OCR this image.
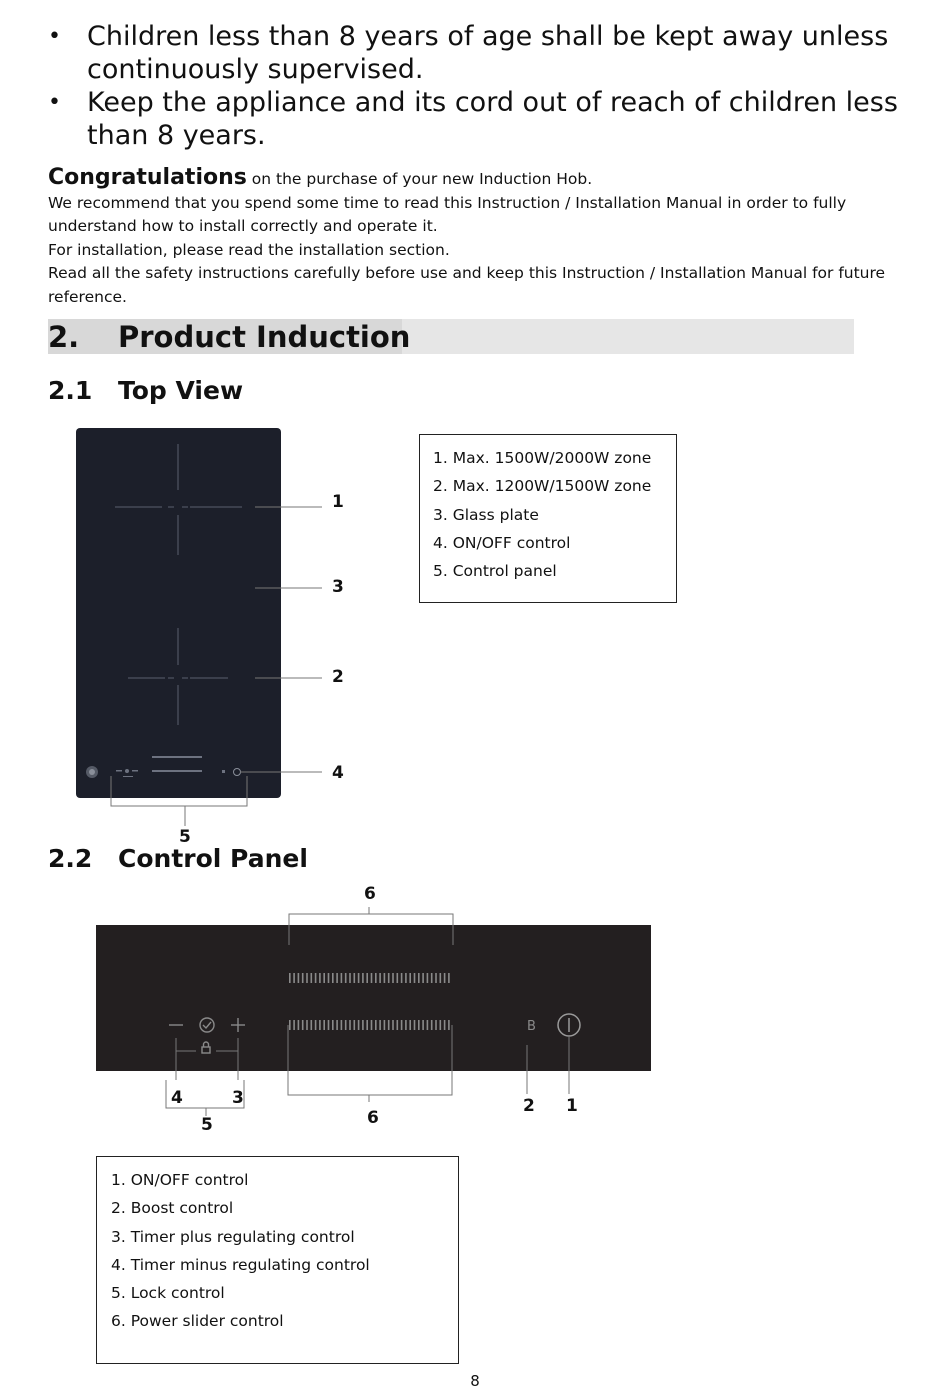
• Children less than 8 years of age shall be kept away unless continuously supervised.
• Keep the appliance and its cord out of reach of children less than 8 years.
Congratulations on the purchase of your new Induction Hob.
We recommend that you spend some time to read this Instruction / Installation Manual in order to fully understand how to install correctly and operate it.
For installation, please read the installation section.
Read all the safety instructions carefully before use and keep this Instruction / Installation Manual for future reference.
2. Product Induction
2.1 Top View
1
3
2
4
5
1. Max. 1500W/2000W zone
2. Max. 1200W/1500W zone
3. Glass plate
4. ON/OFF control
5. Control panel
2.2 Control Panel
B
6
4	3
5	6
2 1
1. ON/OFF control
2. Boost control
3. Timer plus regulating control
4. Timer minus regulating control
5. Lock control
6. Power slider control
8
